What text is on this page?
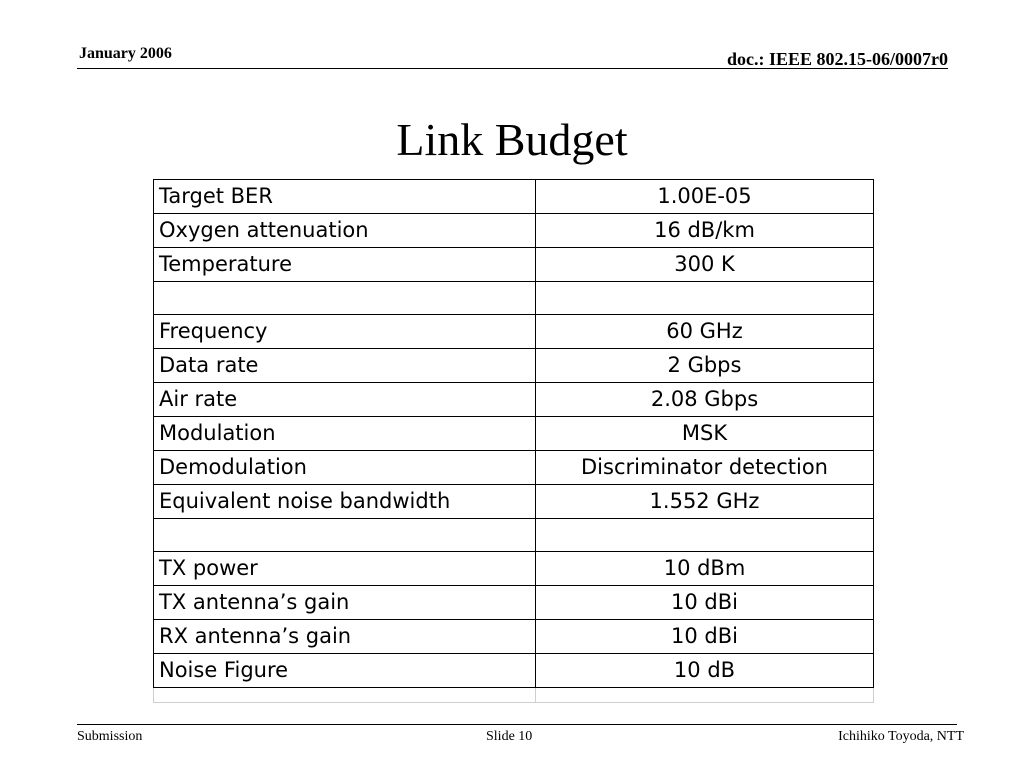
January 2006	doc.: IEEE 802.15-06/0007r0
Link Budget
Target BER	1.00E-05
Oxygen attenuation	16 dB/km
Temperature	300 K

Frequency	60 GHz
Data rate	2 Gbps
Air rate	2.08 Gbps
Modulation	MSK
Demodulation	Discriminator detection
Equivalent noise bandwidth	1.552 GHz

TX power	10 dBm
TX antenna’s gain	10 dBi
RX antenna’s gain	10 dBi
Noise Figure	10 dB

Submission	Slide 10	Ichihiko Toyoda, NTT
